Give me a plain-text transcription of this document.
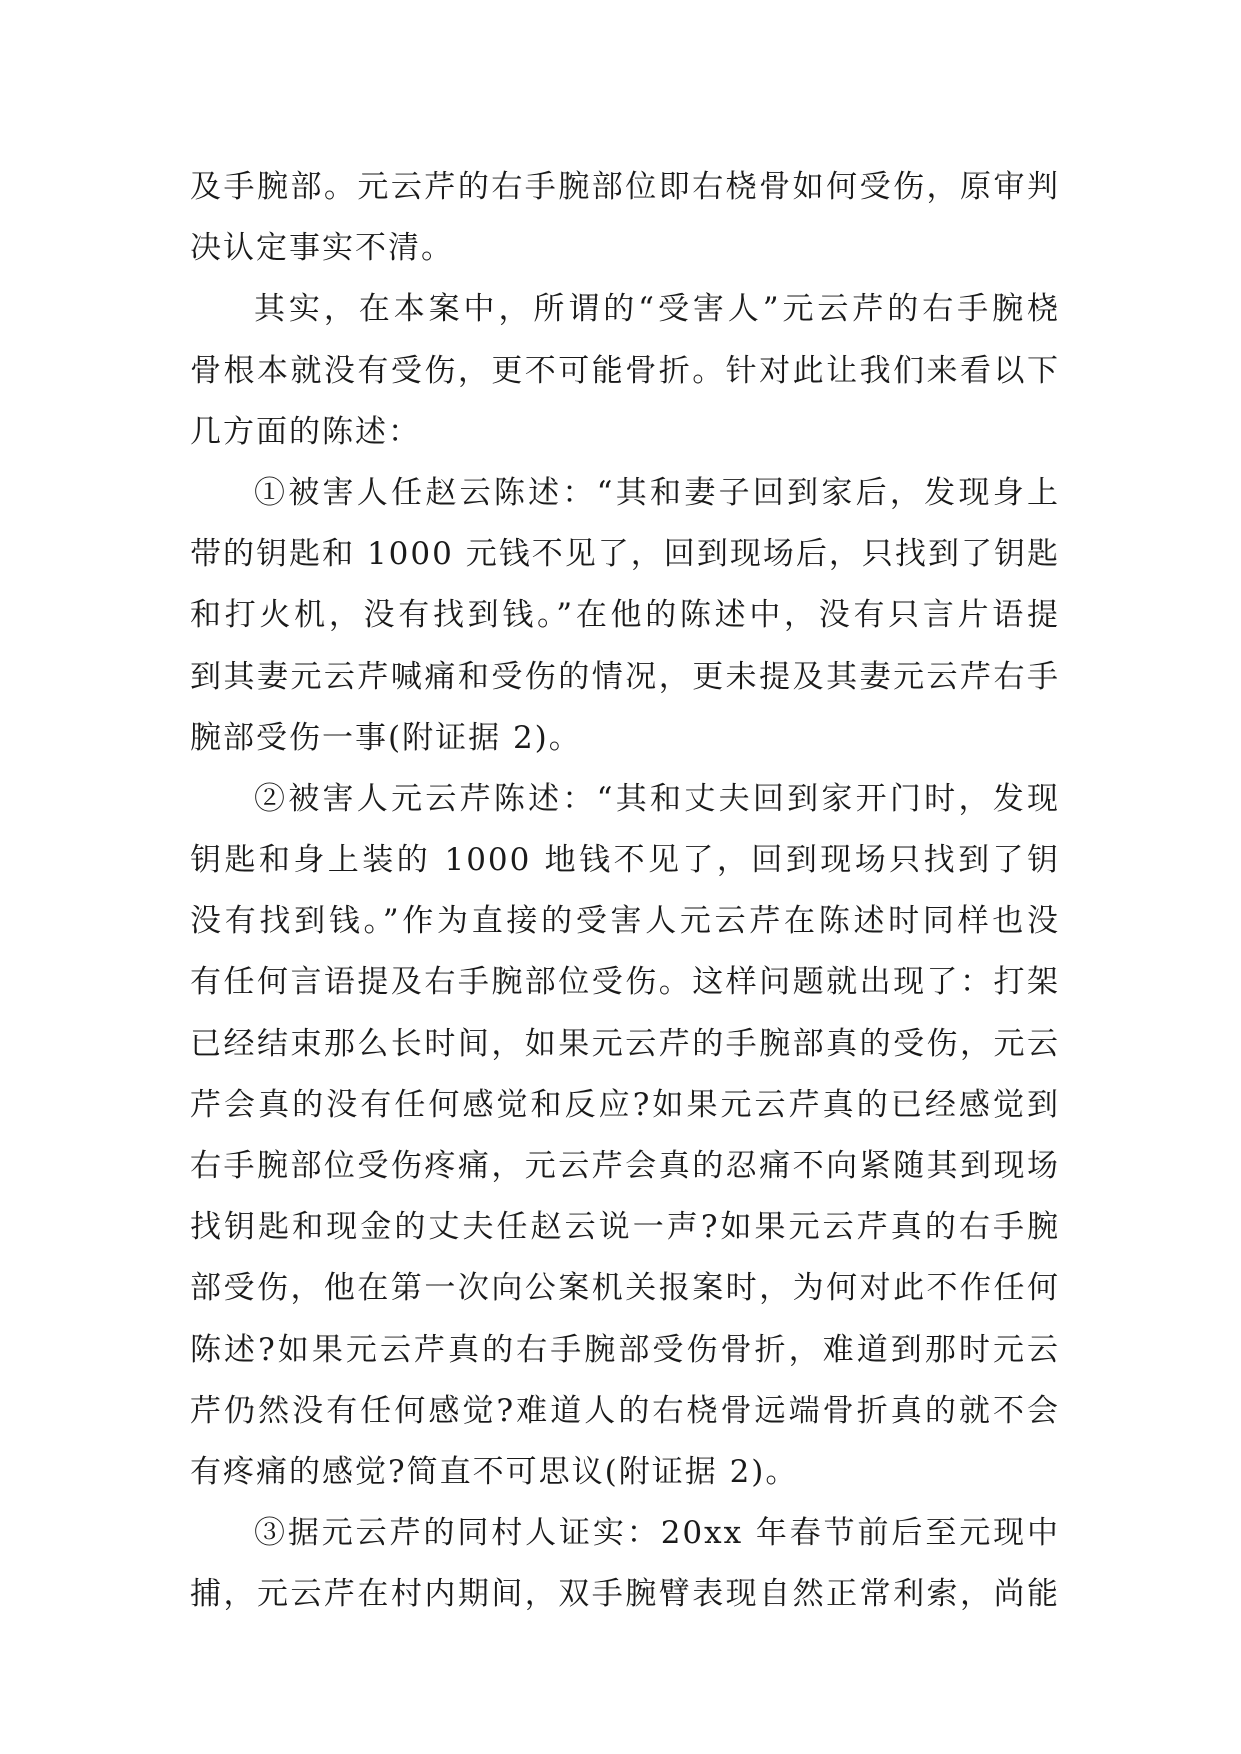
及手腕部。元云芹的右手腕部位即右桡骨如何受伤，原审判
决认定事实不清。
其实，在本案中，所谓的“受害人”元云芹的右手腕桡
骨根本就没有受伤，更不可能骨折。针对此让我们来看以下
几方面的陈述：
①被害人任赵云陈述：“其和妻子回到家后，发现身上
带的钥匙和 1000 元钱不见了，回到现场后，只找到了钥匙
和打火机，没有找到钱。”在他的陈述中，没有只言片语提
到其妻元云芹喊痛和受伤的情况，更未提及其妻元云芹右手
腕部受伤一事(附证据 2)。
②被害人元云芹陈述：“其和丈夫回到家开门时，发现
钥匙和身上装的 1000 地钱不见了，回到现场只找到了钥
没有找到钱。”作为直接的受害人元云芹在陈述时同样也没
有任何言语提及右手腕部位受伤。这样问题就出现了：打架
已经结束那么长时间，如果元云芹的手腕部真的受伤，元云
芹会真的没有任何感觉和反应?如果元云芹真的已经感觉到
右手腕部位受伤疼痛，元云芹会真的忍痛不向紧随其到现场
找钥匙和现金的丈夫任赵云说一声?如果元云芹真的右手腕
部受伤，他在第一次向公案机关报案时，为何对此不作任何
陈述?如果元云芹真的右手腕部受伤骨折，难道到那时元云
芹仍然没有任何感觉?难道人的右桡骨远端骨折真的就不会
有疼痛的感觉?简直不可思议(附证据 2)。
③据元云芹的同村人证实：20xx 年春节前后至元现中
捕，元云芹在村内期间，双手腕臂表现自然正常利索，尚能
